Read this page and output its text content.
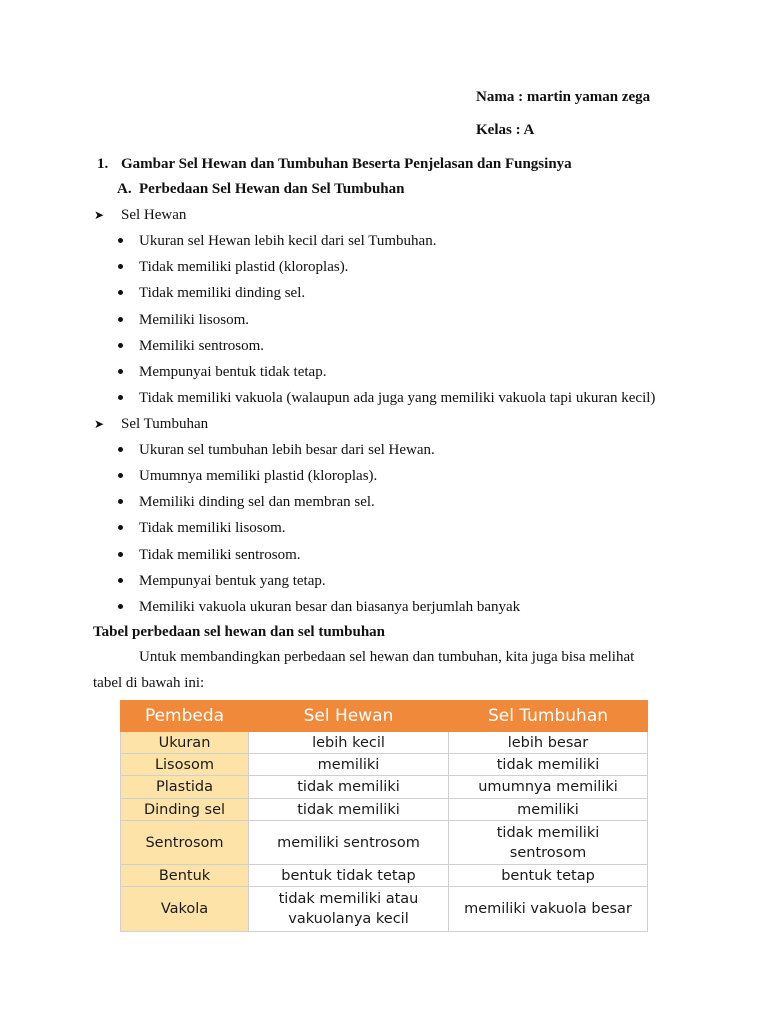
Nama : martin yaman zega
Kelas : A
1. Gambar Sel Hewan dan Tumbuhan Beserta Penjelasan dan Fungsinya
A. Perbedaan Sel Hewan dan Sel Tumbuhan
➤ Sel Hewan
Ukuran sel Hewan lebih kecil dari sel Tumbuhan.
Tidak memiliki plastid (kloroplas).
Tidak memiliki dinding sel.
Memiliki lisosom.
Memiliki sentrosom.
Mempunyai bentuk tidak tetap.
Tidak memiliki vakuola (walaupun ada juga yang memiliki vakuola tapi ukuran kecil)
➤ Sel Tumbuhan
Ukuran sel tumbuhan lebih besar dari sel Hewan.
Umumnya memiliki plastid (kloroplas).
Memiliki dinding sel dan membran sel.
Tidak memiliki lisosom.
Tidak memiliki sentrosom.
Mempunyai bentuk yang tetap.
Memiliki vakuola ukuran besar dan biasanya berjumlah banyak
Tabel perbedaan sel hewan dan sel tumbuhan
Untuk membandingkan perbedaan sel hewan dan tumbuhan, kita juga bisa melihat
tabel di bawah ini:
Pembeda	Sel Hewan	Sel Tumbuhan
Ukuran	lebih kecil	lebih besar
Lisosom	memiliki	tidak memiliki
Plastida	tidak memiliki	umumnya memiliki
Dinding sel	tidak memiliki	memiliki
Sentrosom	memiliki sentrosom	tidak memiliki sentrosom
Bentuk	bentuk tidak tetap	bentuk tetap
Vakola	tidak memiliki atau vakuolanya kecil	memiliki vakuola besar
